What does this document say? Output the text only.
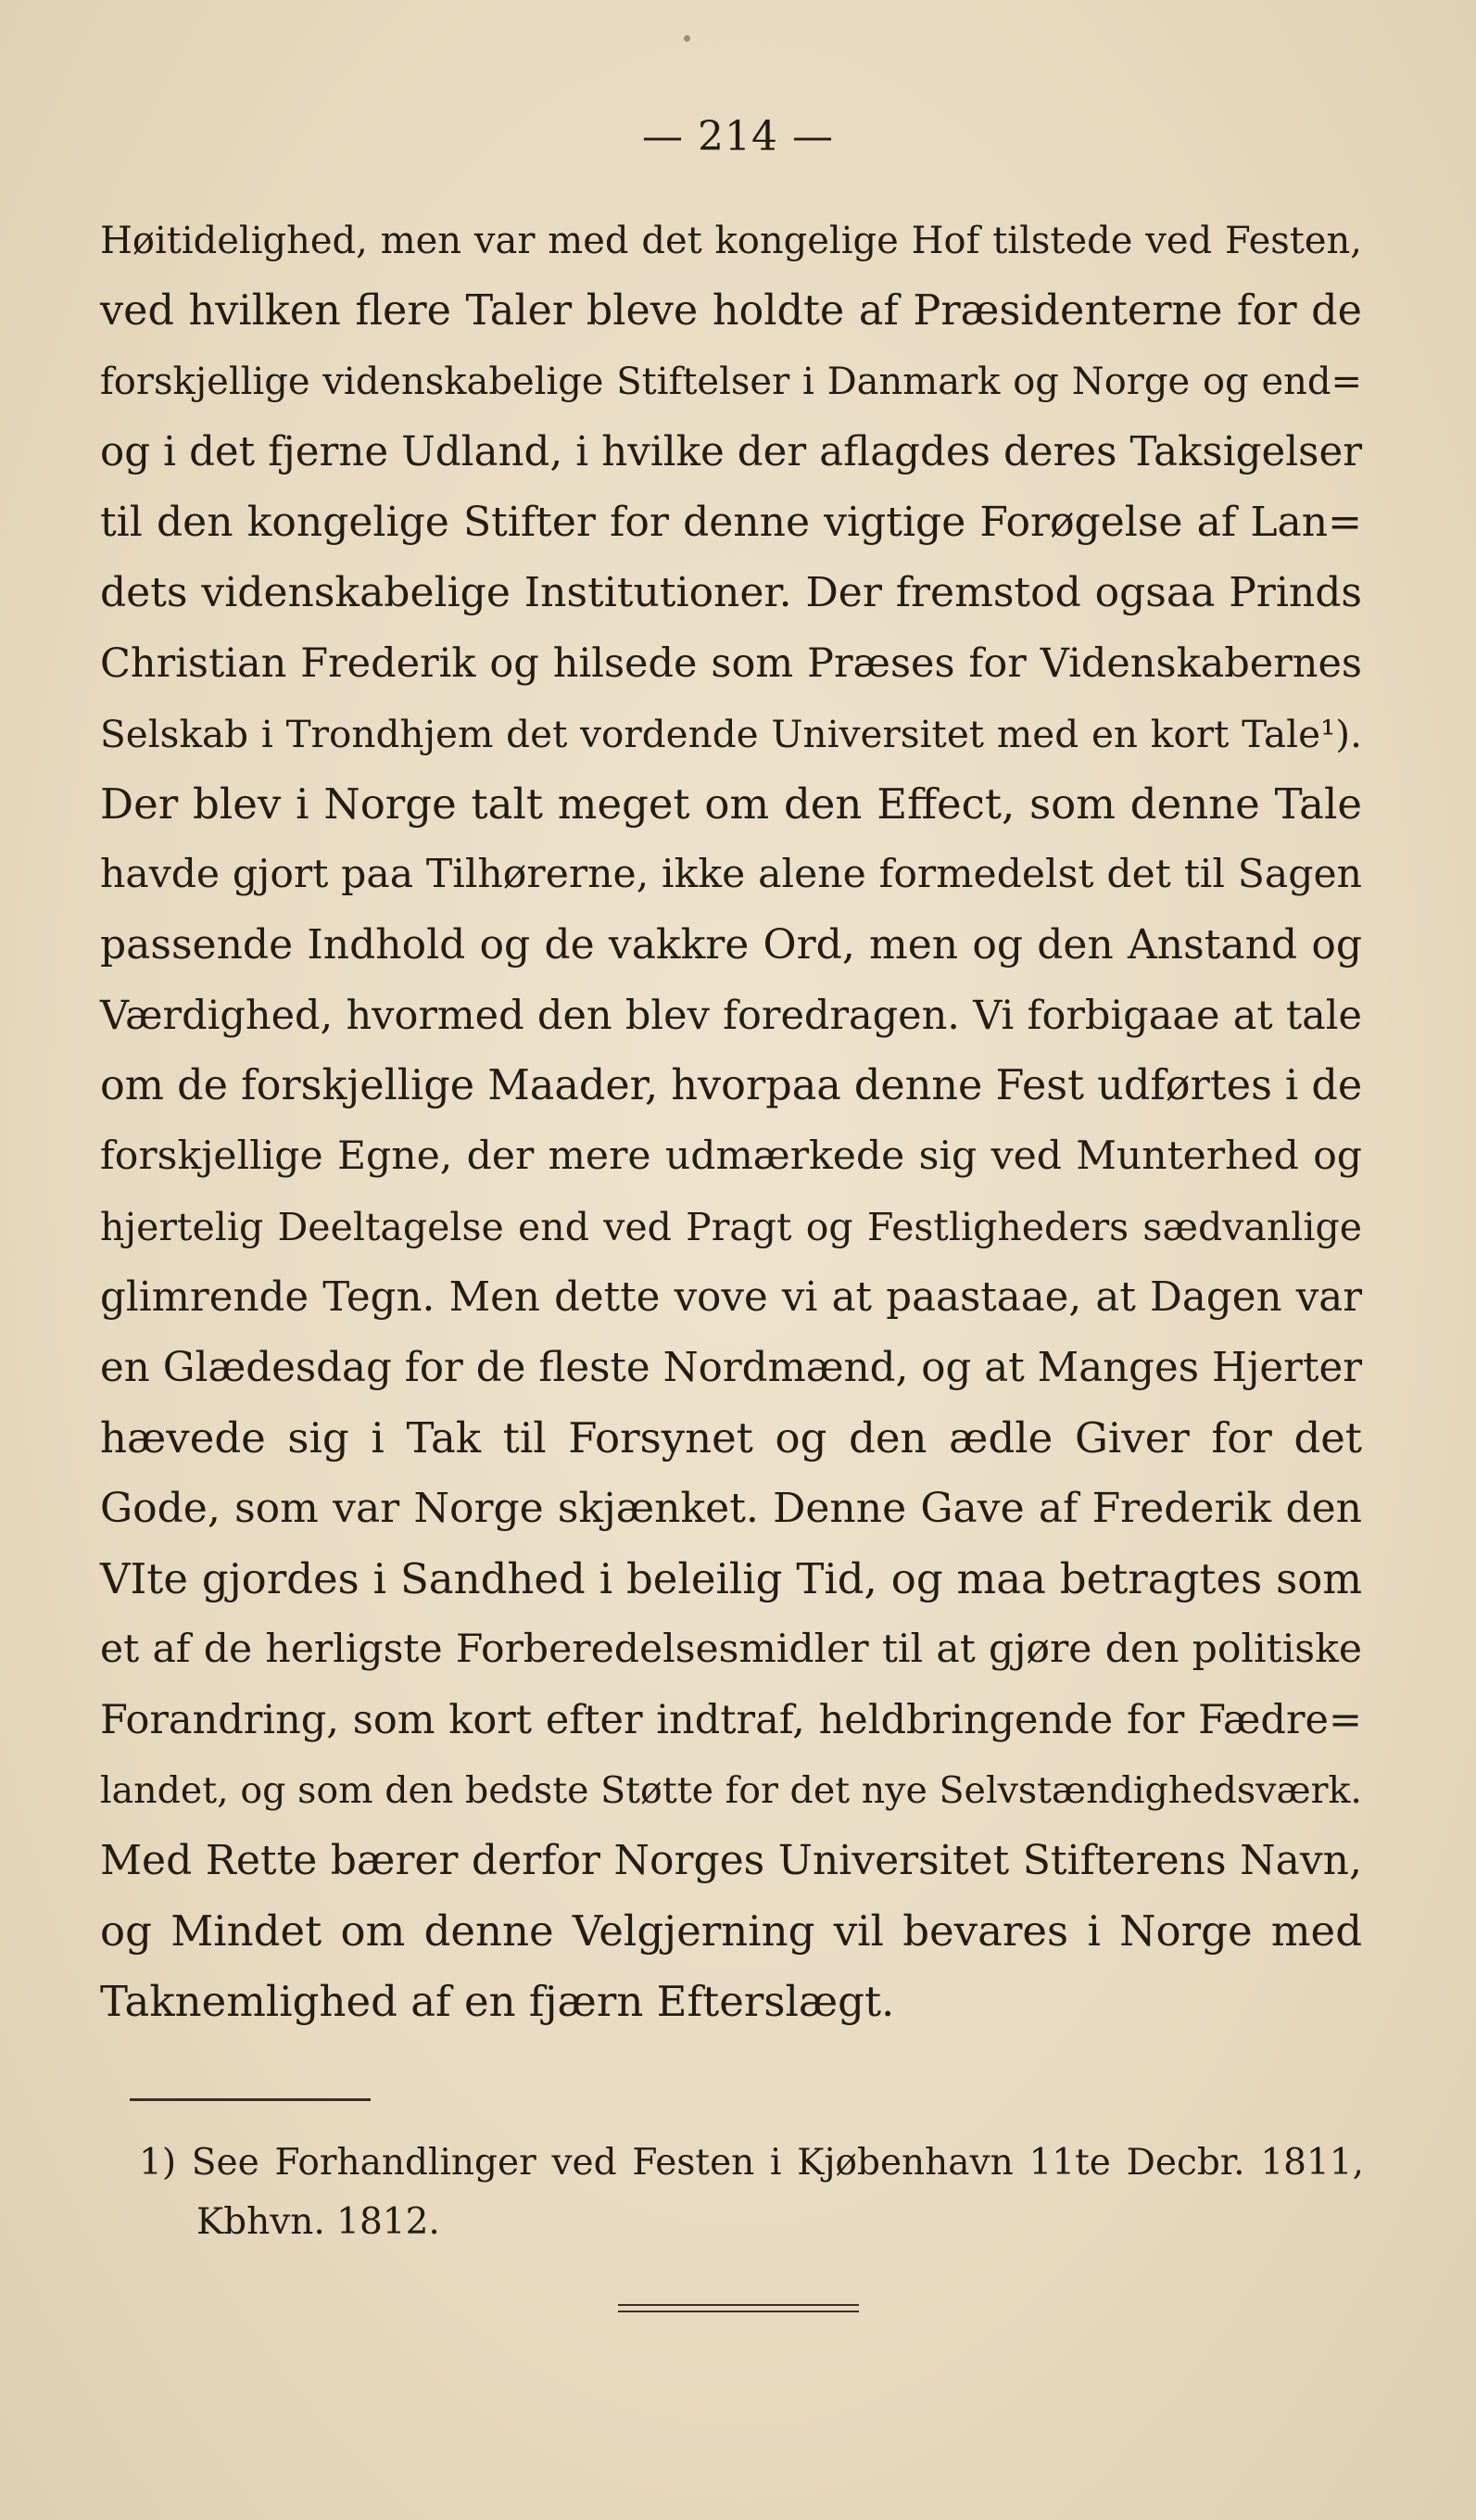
— 214 —
Høitidelighed, men var med det kongelige Hof tilstede ved Festen,
ved hvilken flere Taler bleve holdte af Præsidenterne for de
forskjellige videnskabelige Stiftelser i Danmark og Norge og end=
og i det fjerne Udland, i hvilke der aflagdes deres Taksigelser
til den kongelige Stifter for denne vigtige Forøgelse af Lan=
dets videnskabelige Institutioner. Der fremstod ogsaa Prinds
Christian Frederik og hilsede som Præses for Videnskabernes
Selskab i Trondhjem det vordende Universitet med en kort Tale¹).
Der blev i Norge talt meget om den Effect, som denne Tale
havde gjort paa Tilhørerne, ikke alene formedelst det til Sagen
passende Indhold og de vakkre Ord, men og den Anstand og
Værdighed, hvormed den blev foredragen. Vi forbigaae at tale
om de forskjellige Maader, hvorpaa denne Fest udførtes i de
forskjellige Egne, der mere udmærkede sig ved Munterhed og
hjertelig Deeltagelse end ved Pragt og Festligheders sædvanlige
glimrende Tegn. Men dette vove vi at paastaae, at Dagen var
en Glædesdag for de fleste Nordmænd, og at Manges Hjerter
hævede sig i Tak til Forsynet og den ædle Giver for det
Gode, som var Norge skjænket. Denne Gave af Frederik den
VIte gjordes i Sandhed i beleilig Tid, og maa betragtes som
et af de herligste Forberedelsesmidler til at gjøre den politiske
Forandring, som kort efter indtraf, heldbringende for Fædre=
landet, og som den bedste Støtte for det nye Selvstændighedsværk.
Med Rette bærer derfor Norges Universitet Stifterens Navn,
og Mindet om denne Velgjerning vil bevares i Norge med
Taknemlighed af en fjærn Efterslægt.
1) See Forhandlinger ved Festen i Kjøbenhavn 11te Decbr. 1811,
Kbhvn. 1812.
